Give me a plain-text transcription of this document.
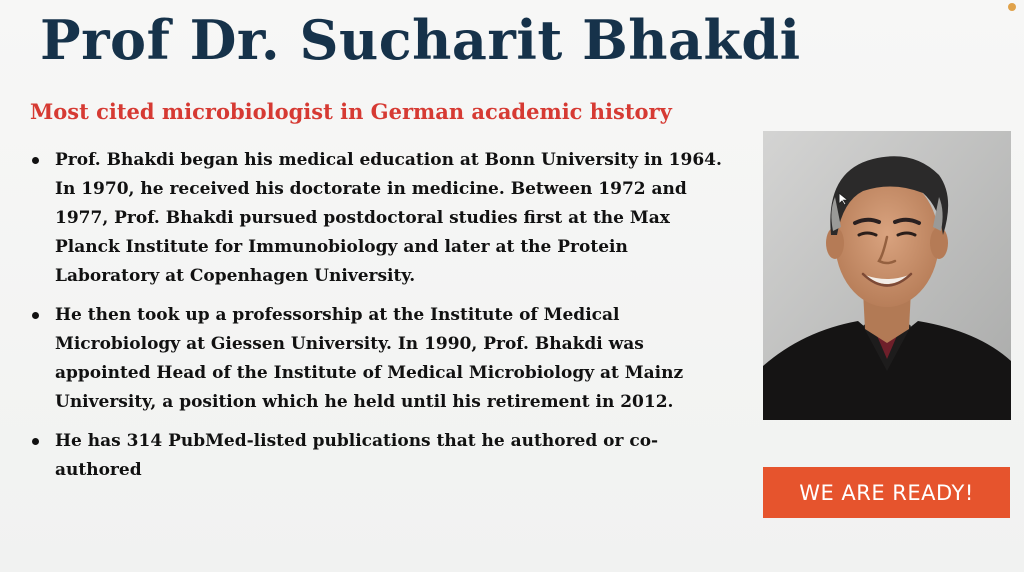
Prof Dr. Sucharit Bhakdi
Most cited microbiologist in German academic history
Prof. Bhakdi began his medical education at Bonn University in 1964. In 1970, he received his doctorate in medicine. Between 1972 and 1977, Prof. Bhakdi pursued postdoctoral studies first at the Max Planck Institute for Immunobiology and later at the Protein Laboratory at Copenhagen University.
He then took up a professorship at the Institute of Medical Microbiology at Giessen University. In 1990, Prof. Bhakdi was appointed Head of the Institute of Medical Microbiology at Mainz University, a position which he held until his retirement in 2012.
He has 314 PubMed-listed publications that he authored or co-authored
WE ARE READY!
